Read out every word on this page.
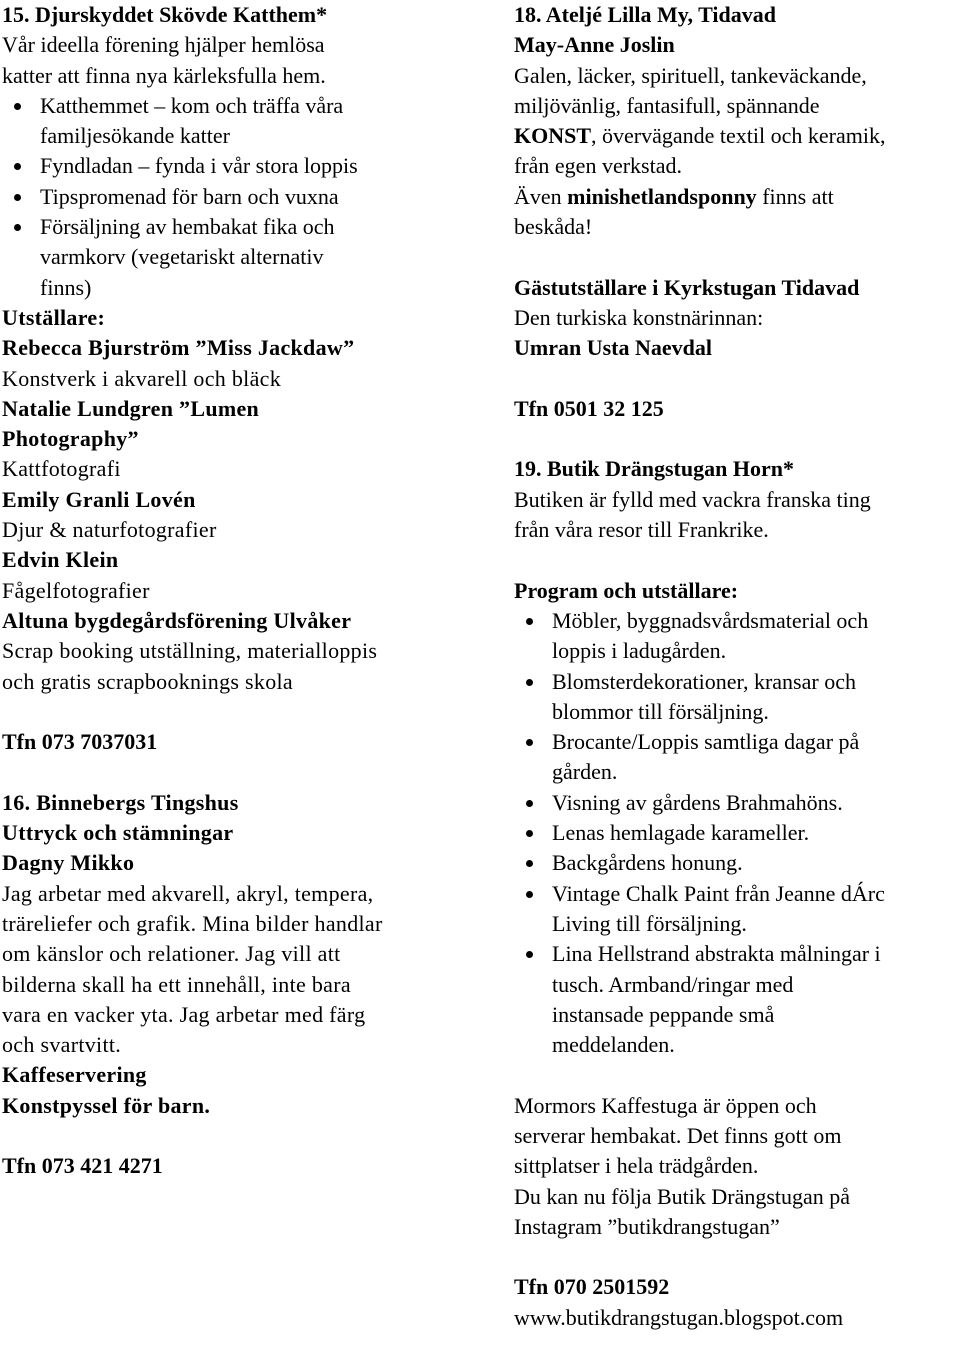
15. Djurskyddet Skövde Katthem*
Vår ideella förening hjälper hemlösa
katter att finna nya kärleksfulla hem.
Katthemmet – kom och träffa våra
familjesökande katter
Fyndladan – fynda i vår stora loppis
Tipspromenad för barn och vuxna
Försäljning av hembakat fika och
varmkorv (vegetariskt alternativ
finns)
Utställare:
Rebecca Bjurström ”Miss Jackdaw”
Konstverk i akvarell och bläck
Natalie Lundgren ”Lumen
Photography”
Kattfotografi
Emily Granli Lovén
Djur & naturfotografier
Edvin Klein
Fågelfotografier
Altuna bygdegårdsförening Ulvåker
Scrap booking utställning, materialloppis
och gratis scrapbooknings skola
Tfn 073 7037031
16. Binnebergs Tingshus
Uttryck och stämningar
Dagny Mikko
Jag arbetar med akvarell, akryl, tempera,
träreliefer och grafik. Mina bilder handlar
om känslor och relationer. Jag vill att
bilderna skall ha ett innehåll, inte bara
vara en vacker yta. Jag arbetar med färg
och svartvitt.
Kaffeservering
Konstpyssel för barn.
Tfn 073 421 4271
18. Ateljé Lilla My, Tidavad
May-Anne Joslin
Galen, läcker, spirituell, tankeväckande,
miljövänlig, fantasifull, spännande
KONST, övervägande textil och keramik,
från egen verkstad.
Även minishetlandsponny finns att
beskåda!
Gästutställare i Kyrkstugan Tidavad
Den turkiska konstnärinnan:
Umran Usta Naevdal
Tfn 0501 32 125
19. Butik Drängstugan Horn*
Butiken är fylld med vackra franska ting
från våra resor till Frankrike.
Program och utställare:
Möbler, byggnadsvårdsmaterial och
loppis i ladugården.
Blomsterdekorationer, kransar och
blommor till försäljning.
Brocante/Loppis samtliga dagar på
gården.
Visning av gårdens Brahmahöns.
Lenas hemlagade karameller.
Backgårdens honung.
Vintage Chalk Paint från Jeanne dÁrc
Living till försäljning.
Lina Hellstrand abstrakta målningar i
tusch. Armband/ringar med
instansade peppande små
meddelanden.
Mormors Kaffestuga är öppen och
serverar hembakat. Det finns gott om
sittplatser i hela trädgården.
Du kan nu följa Butik Drängstugan på
Instagram ”butikdrangstugan”
Tfn 070 2501592
www.butikdrangstugan.blogspot.com
